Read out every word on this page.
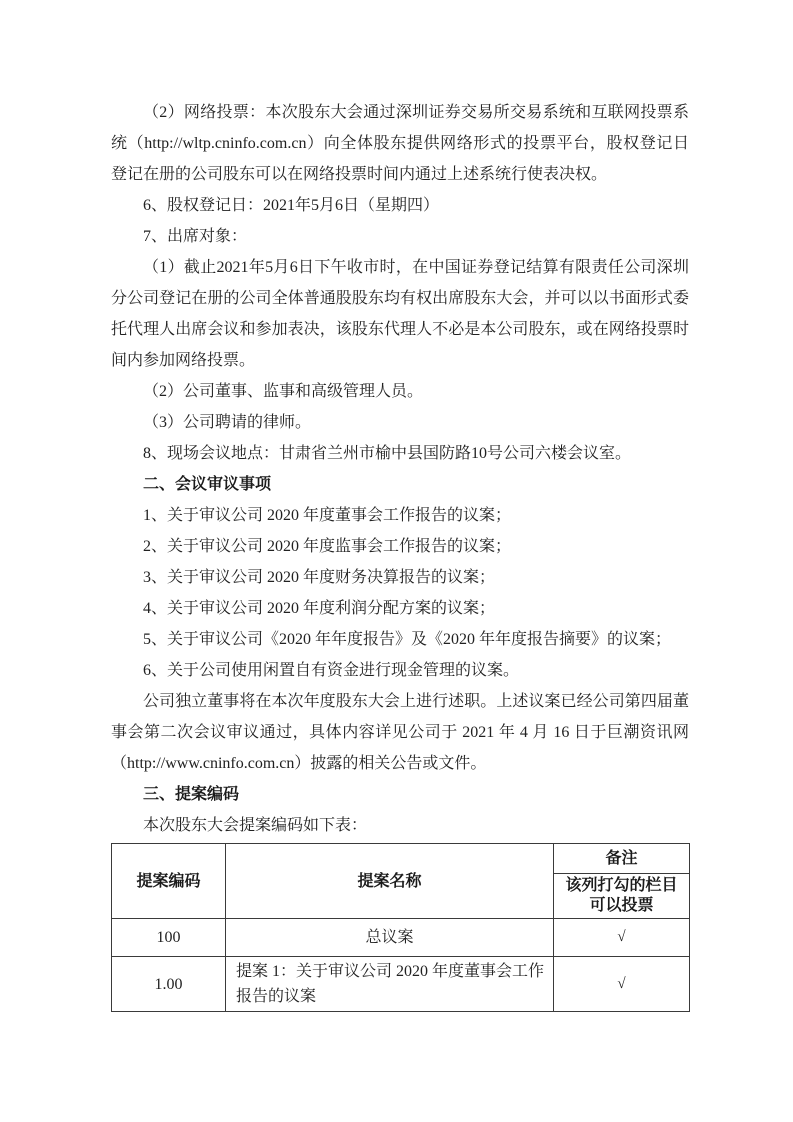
（2）网络投票：本次股东大会通过深圳证券交易所交易系统和互联网投票系统（http://wltp.cninfo.com.cn）向全体股东提供网络形式的投票平台，股权登记日登记在册的公司股东可以在网络投票时间内通过上述系统行使表决权。

6、股权登记日：2021年5月6日（星期四）

7、出席对象：

（1）截止2021年5月6日下午收市时，在中国证券登记结算有限责任公司深圳分公司登记在册的公司全体普通股股东均有权出席股东大会，并可以以书面形式委托代理人出席会议和参加表决，该股东代理人不必是本公司股东，或在网络投票时间内参加网络投票。

（2）公司董事、监事和高级管理人员。

（3）公司聘请的律师。

8、现场会议地点：甘肃省兰州市榆中县国防路10号公司六楼会议室。

二、会议审议事项

1、关于审议公司 2020 年度董事会工作报告的议案；

2、关于审议公司 2020 年度监事会工作报告的议案；

3、关于审议公司 2020 年度财务决算报告的议案；

4、关于审议公司 2020 年度利润分配方案的议案；

5、关于审议公司《2020 年年度报告》及《2020 年年度报告摘要》的议案；

6、关于公司使用闲置自有资金进行现金管理的议案。

公司独立董事将在本次年度股东大会上进行述职。上述议案已经公司第四届董事会第二次会议审议通过，具体内容详见公司于 2021 年 4 月 16 日于巨潮资讯网（http://www.cninfo.com.cn）披露的相关公告或文件。

三、提案编码

本次股东大会提案编码如下表：

提案编码	提案名称	备注
		该列打勾的栏目可以投票
100	总议案	√
1.00	提案 1：关于审议公司 2020 年度董事会工作报告的议案	√
